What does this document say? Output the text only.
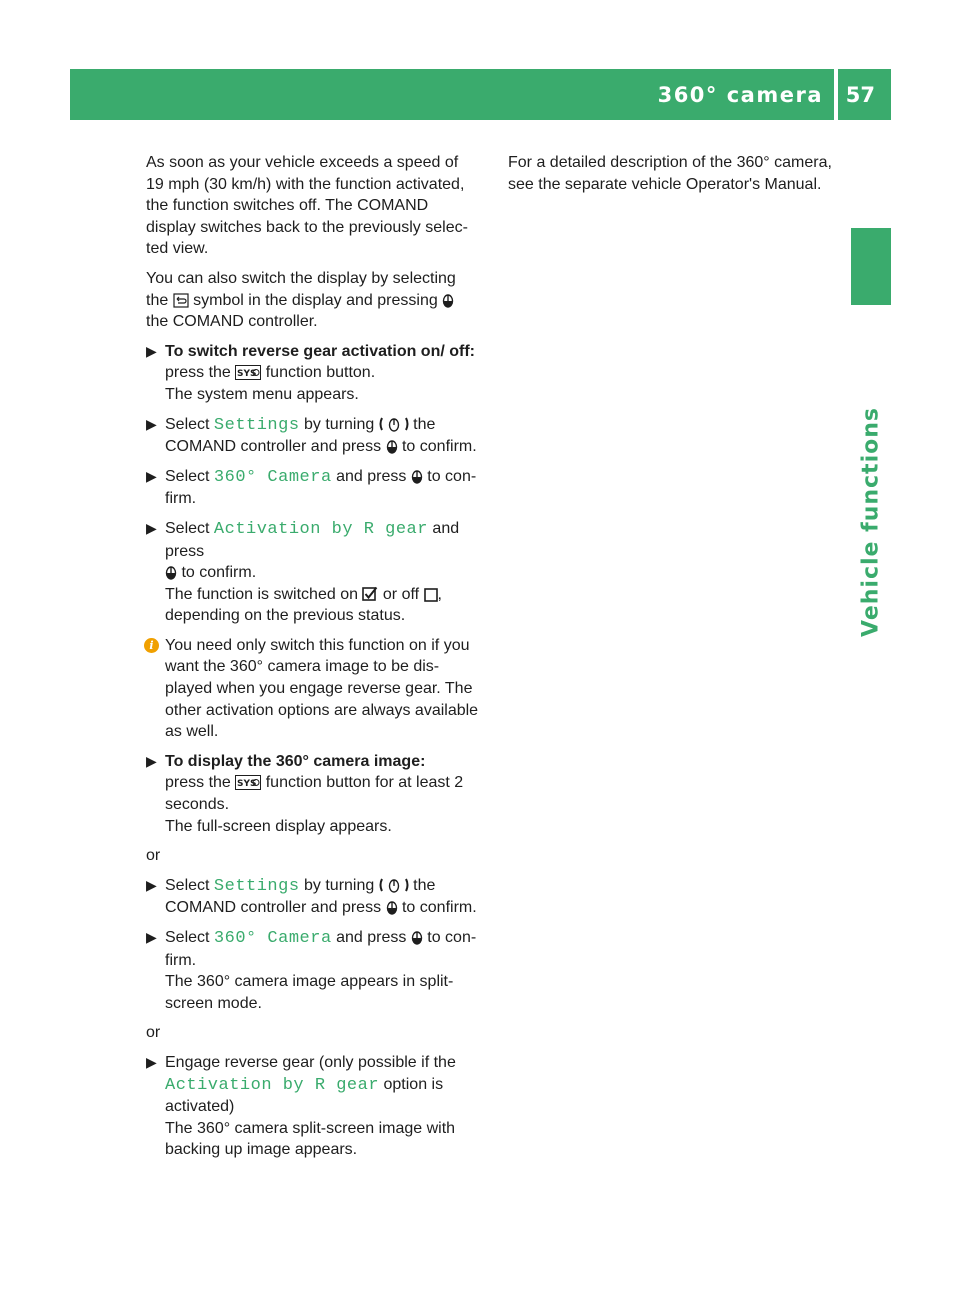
360° camera 57
Vehicle functions

As soon as your vehicle exceeds a speed of 19 mph (30 km/h) with the function activated, the function switches off. The COMAND display switches back to the previously selected view.

You can also switch the display by selecting the symbol in the display and pressing
the COMAND controller.

▶ To switch reverse gear activation on/ off: press the SYS function button.
The system menu appears.
▶ Select Settings by turning the COMAND controller and press to confirm.
▶ Select 360° Camera and press to confirm.
▶ Select Activation by R gear and press

to confirm.
The function is switched on or off ,
depending on the previous status.
i You need only switch this function on if you want the 360° camera image to be displayed when you engage reverse gear. The other activation options are always available as well.
▶ To display the 360° camera image:
press the SYS function button for at least 2 seconds.
The full-screen display appears.

or

▶ Select Settings by turning the COMAND controller and press to confirm.
▶ Select 360° Camera and press to confirm.
The 360° camera image appears in split-screen mode.

or

▶ Engage reverse gear (only possible if the Activation by R gear option is activated)
The 360° camera split-screen image with backing up image appears.

For a detailed description of the 360° camera, see the separate vehicle Operator's Manual.
